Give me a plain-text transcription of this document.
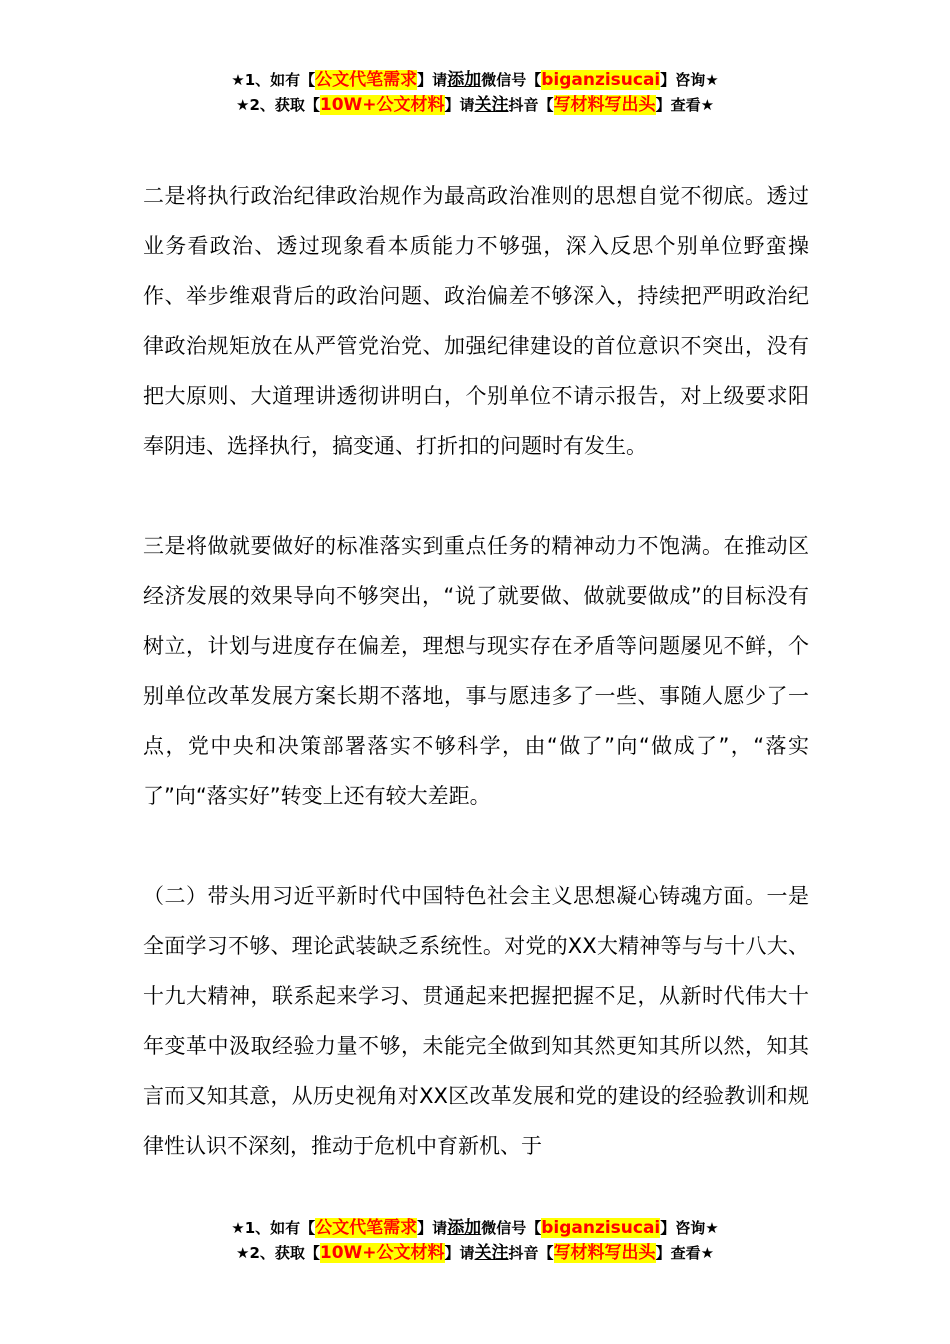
★1、如有【公文代笔需求】请添加微信号【biganzisucai】咨询★
★2、获取【10W+公文材料】请关注抖音【写材料写出头】查看★

二是将执行政治纪律政治规作为最高政治准则的思想自觉不彻底。透过业务看政治、透过现象看本质能力不够强，深入反思个别单位野蛮操作、举步维艰背后的政治问题、政治偏差不够深入，持续把严明政治纪律政治规矩放在从严管党治党、加强纪律建设的首位意识不突出，没有把大原则、大道理讲透彻讲明白，个别单位不请示报告，对上级要求阳奉阴违、选择执行，搞变通、打折扣的问题时有发生。

三是将做就要做好的标准落实到重点任务的精神动力不饱满。在推动区经济发展的效果导向不够突出，“说了就要做、做就要做成”的目标没有树立，计划与进度存在偏差，理想与现实存在矛盾等问题屡见不鲜，个别单位改革发展方案长期不落地，事与愿违多了一些、事随人愿少了一点，党中央和决策部署落实不够科学，由“做了”向“做成了”，“落实了”向“落实好”转变上还有较大差距。

（二）带头用习近平新时代中国特色社会主义思想凝心铸魂方面。一是全面学习不够、理论武装缺乏系统性。对党的XX大精神等与与十八大、十九大精神，联系起来学习、贯通起来把握把握不足，从新时代伟大十年变革中汲取经验力量不够，未能完全做到知其然更知其所以然，知其言而又知其意，从历史视角对XX区改革发展和党的建设的经验教训和规律性认识不深刻，推动于危机中育新机、于

★1、如有【公文代笔需求】请添加微信号【biganzisucai】咨询★
★2、获取【10W+公文材料】请关注抖音【写材料写出头】查看★
